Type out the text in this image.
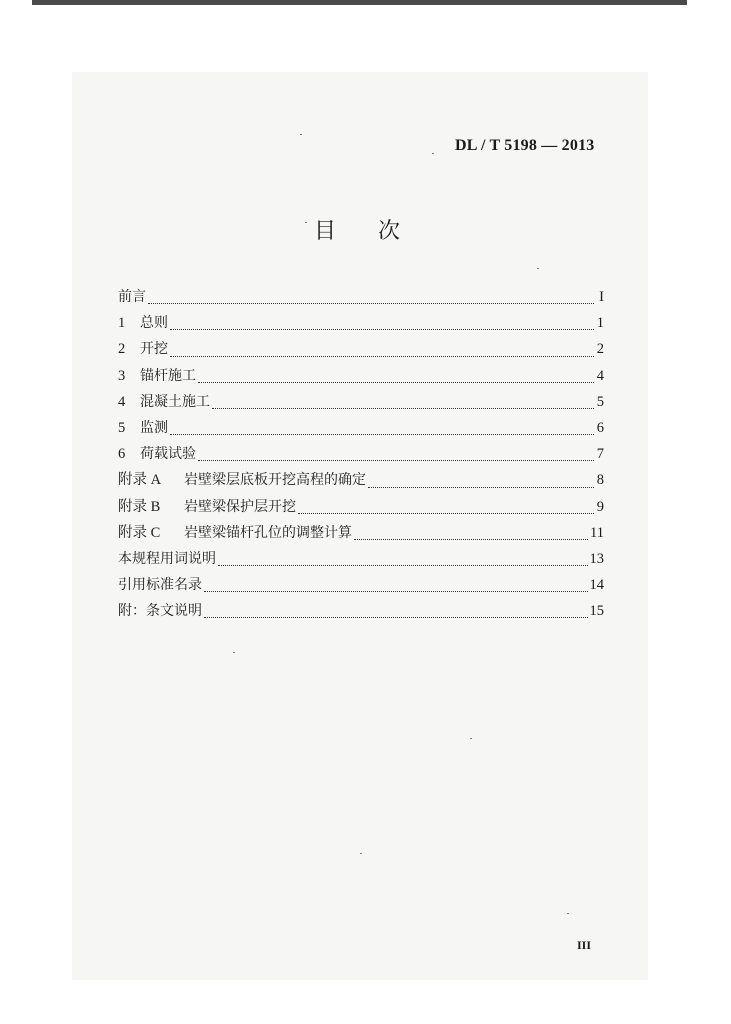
DL / T 5198 — 2013
目 次
前言	I
1 总则	1
2 开挖	2
3 锚杆施工	4
4 混凝土施工	5
5 监测	6
6 荷载试验	7
附录 A 岩壁梁层底板开挖高程的确定	8
附录 B 岩壁梁保护层开挖	9
附录 C 岩壁梁锚杆孔位的调整计算	11
本规程用词说明	13
引用标准名录	14
附：条文说明	15
III
